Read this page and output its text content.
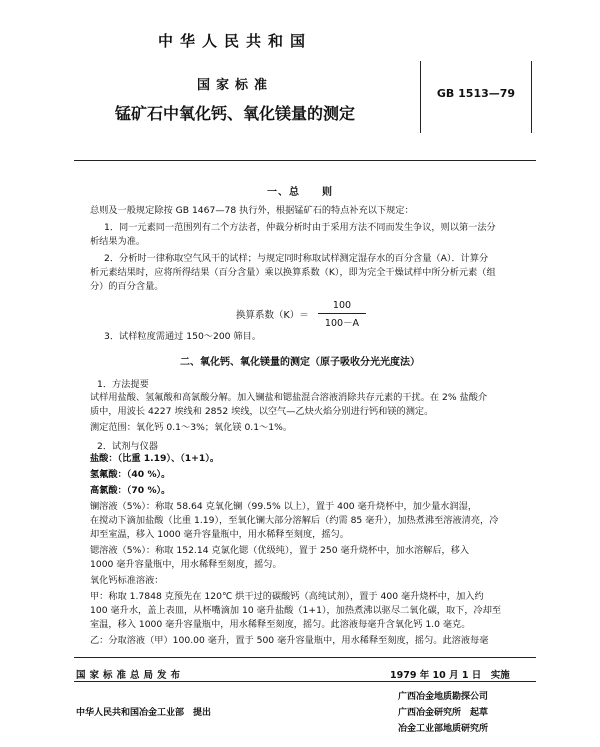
中华人民共和国
国家标准
锰矿石中氧化钙、氧化镁量的测定
GB 1513—79
一、总　　则
总则及一般规定除按 GB 1467—78 执行外，根据锰矿石的特点补充以下规定：
1．同一元素同一范围列有二个方法者，仲裁分析时由于采用方法不同而发生争议，则以第一法分
析结果为准。
2．分析时一律称取空气风干的试样；与规定同时称取试样测定湿存水的百分含量（A）．计算分
析元素结果时，应将所得结果（百分含量）乘以换算系数（K），即为完全干燥试样中所分析元素（组
分）的百分含量。
换算系数（K）＝
100
100－A
3．试样粒度需通过 150～200 筛目。
二、氧化钙、氧化镁量的测定（原子吸收分光光度法）
1．方法提要
试样用盐酸、氢氟酸和高氯酸分解。加入镧盐和锶盐混合溶液消除共存元素的干扰。在 2% 盐酸介
质中，用波长 4227 埃线和 2852 埃线，以空气—乙炔火焰分别进行钙和镁的测定。
测定范围：氧化钙 0.1～3%；氧化镁 0.1～1%。
2．试剂与仪器
盐酸：（比重 1.19）、（1+1）。
氢氟酸：（40 %）。
高氯酸：（70 %）。
镧溶液（5%）：称取 58.64 克氧化镧（99.5% 以上），置于 400 毫升烧杯中，加少量水润湿，
在搅动下滴加盐酸（比重 1.19），至氧化镧大部分溶解后（约需 85 毫升），加热煮沸至溶液清亮，冷
却至室温，移入 1000 毫升容量瓶中，用水稀释至刻度，摇匀。
锶溶液（5%）：称取 152.14 克氯化锶（优级纯），置于 250 毫升烧杯中，加水溶解后，移入
1000 毫升容量瓶中，用水稀释至刻度，摇匀。
氧化钙标准溶液：
甲：称取 1.7848 克预先在 120℃ 烘干过的碳酸钙（高纯试剂），置于 400 毫升烧杯中，加入约
100 毫升水，盖上表皿，从杯嘴滴加 10 毫升盐酸（1+1），加热煮沸以驱尽二氧化碳，取下，冷却至
室温，移入 1000 毫升容量瓶中，用水稀释至刻度，摇匀。此溶液每毫升含氧化钙 1.0 毫克。
乙：分取溶液（甲）100.00 毫升，置于 500 毫升容量瓶中，用水稀释至刻度，摇匀。此溶液每毫
国家标准总局发布	1979 年 10 月 1 日　实施
中华人民共和国冶金工业部　提出
广西冶金地质勘探公司
广西冶金研究所　起草
冶金工业部地质研究所
